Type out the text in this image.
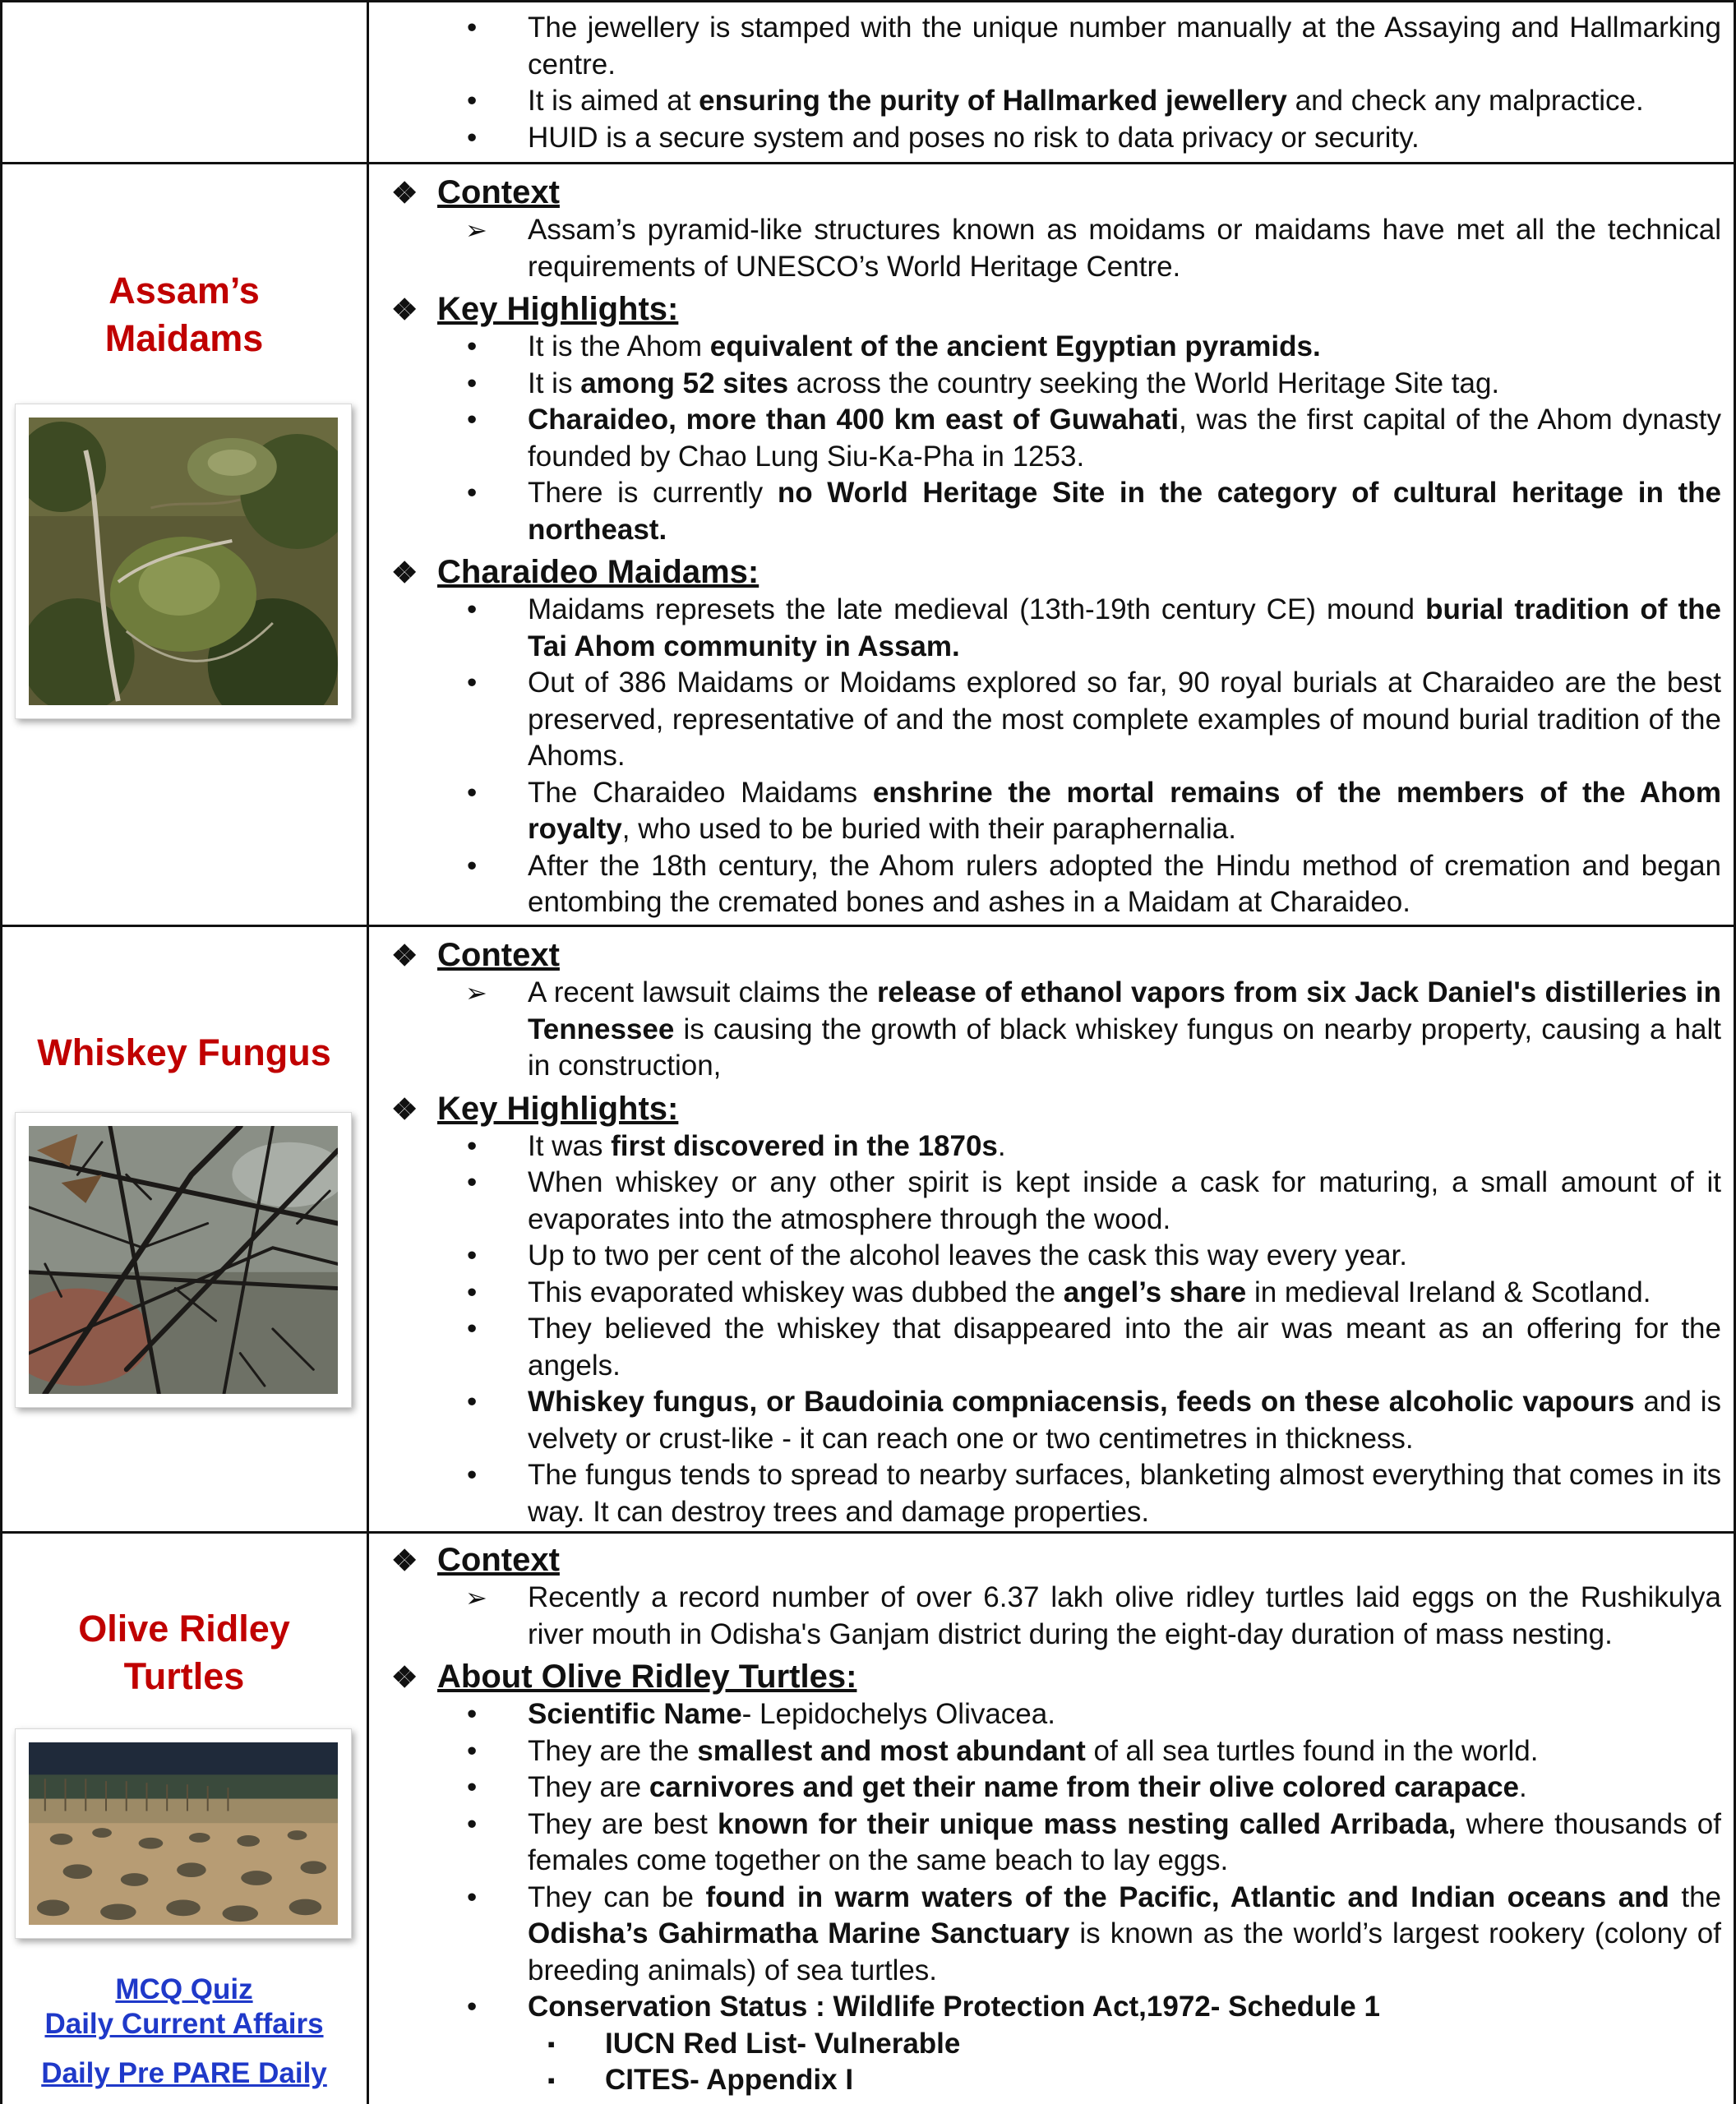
• The jewellery is stamped with the unique number manually at the Assaying and Hallmarking centre.
• It is aimed at ensuring the purity of Hallmarked jewellery and check any malpractice.
• HUID is a secure system and poses no risk to data privacy or security.
Assam’s
Maidams
❖ Context
➢ Assam’s pyramid-like structures known as moidams or maidams have met all the technical requirements of UNESCO’s World Heritage Centre.
❖ Key Highlights:
• It is the Ahom equivalent of the ancient Egyptian pyramids.
• It is among 52 sites across the country seeking the World Heritage Site tag.
• Charaideo, more than 400 km east of Guwahati, was the first capital of the Ahom dynasty founded by Chao Lung Siu-Ka-Pha in 1253.
• There is currently no World Heritage Site in the category of cultural heritage in the northeast.
❖ Charaideo Maidams:
• Maidams represets the late medieval (13th-19th century CE) mound burial tradition of the Tai Ahom community in Assam.
• Out of 386 Maidams or Moidams explored so far, 90 royal burials at Charaideo are the best preserved, representative of and the most complete examples of mound burial tradition of the Ahoms.
• The Charaideo Maidams enshrine the mortal remains of the members of the Ahom royalty, who used to be buried with their paraphernalia.
• After the 18th century, the Ahom rulers adopted the Hindu method of cremation and began entombing the cremated bones and ashes in a Maidam at Charaideo.
Whiskey Fungus
❖ Context
➢ A recent lawsuit claims the release of ethanol vapors from six Jack Daniel's distilleries in Tennessee is causing the growth of black whiskey fungus on nearby property, causing a halt in construction,
❖ Key Highlights:
• It was first discovered in the 1870s.
• When whiskey or any other spirit is kept inside a cask for maturing, a small amount of it evaporates into the atmosphere through the wood.
• Up to two per cent of the alcohol leaves the cask this way every year.
• This evaporated whiskey was dubbed the angel’s share in medieval Ireland & Scotland.
• They believed the whiskey that disappeared into the air was meant as an offering for the angels.
• Whiskey fungus, or Baudoinia compniacensis, feeds on these alcoholic vapours and is velvety or crust-like - it can reach one or two centimetres in thickness.
• The fungus tends to spread to nearby surfaces, blanketing almost everything that comes in its way. It can destroy trees and damage properties.
Olive Ridley
Turtles
MCQ Quiz
Daily Current Affairs
Daily Pre PARE Daily
❖ Context
➢ Recently a record number of over 6.37 lakh olive ridley turtles laid eggs on the Rushikulya river mouth in Odisha's Ganjam district during the eight-day duration of mass nesting.
❖ About Olive Ridley Turtles:
• Scientific Name- Lepidochelys Olivacea.
• They are the smallest and most abundant of all sea turtles found in the world.
• They are carnivores and get their name from their olive colored carapace.
• They are best known for their unique mass nesting called Arribada, where thousands of females come together on the same beach to lay eggs.
• They can be found in warm waters of the Pacific, Atlantic and Indian oceans and the Odisha’s Gahirmatha Marine Sanctuary is known as the world’s largest rookery (colony of breeding animals) of sea turtles.
• Conservation Status : Wildlife Protection Act,1972- Schedule 1
▪ IUCN Red List- Vulnerable
▪ CITES- Appendix I
